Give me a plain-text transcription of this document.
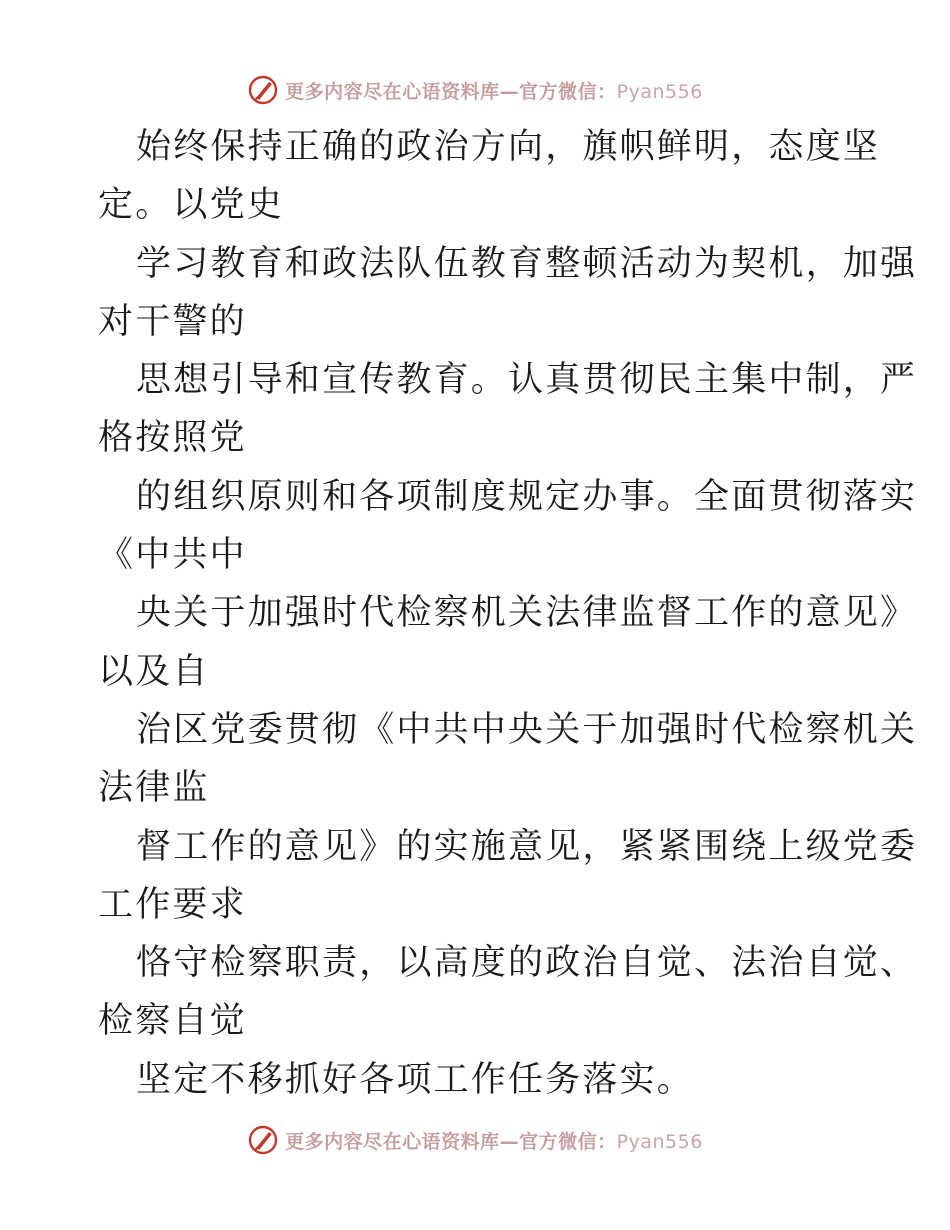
更多内容尽在心语资料库—官方微信：Pyan556
始终保持正确的政治方向，旗帜鲜明，态度坚
定。以党史
学习教育和政法队伍教育整顿活动为契机，加强
对干警的
思想引导和宣传教育。认真贯彻民主集中制，严
格按照党
的组织原则和各项制度规定办事。全面贯彻落实
《中共中
央关于加强时代检察机关法律监督工作的意见》
以及自
治区党委贯彻《中共中央关于加强时代检察机关
法律监
督工作的意见》的实施意见，紧紧围绕上级党委
工作要求
恪守检察职责，以高度的政治自觉、法治自觉、
检察自觉
坚定不移抓好各项工作任务落实。
更多内容尽在心语资料库—官方微信：Pyan556
